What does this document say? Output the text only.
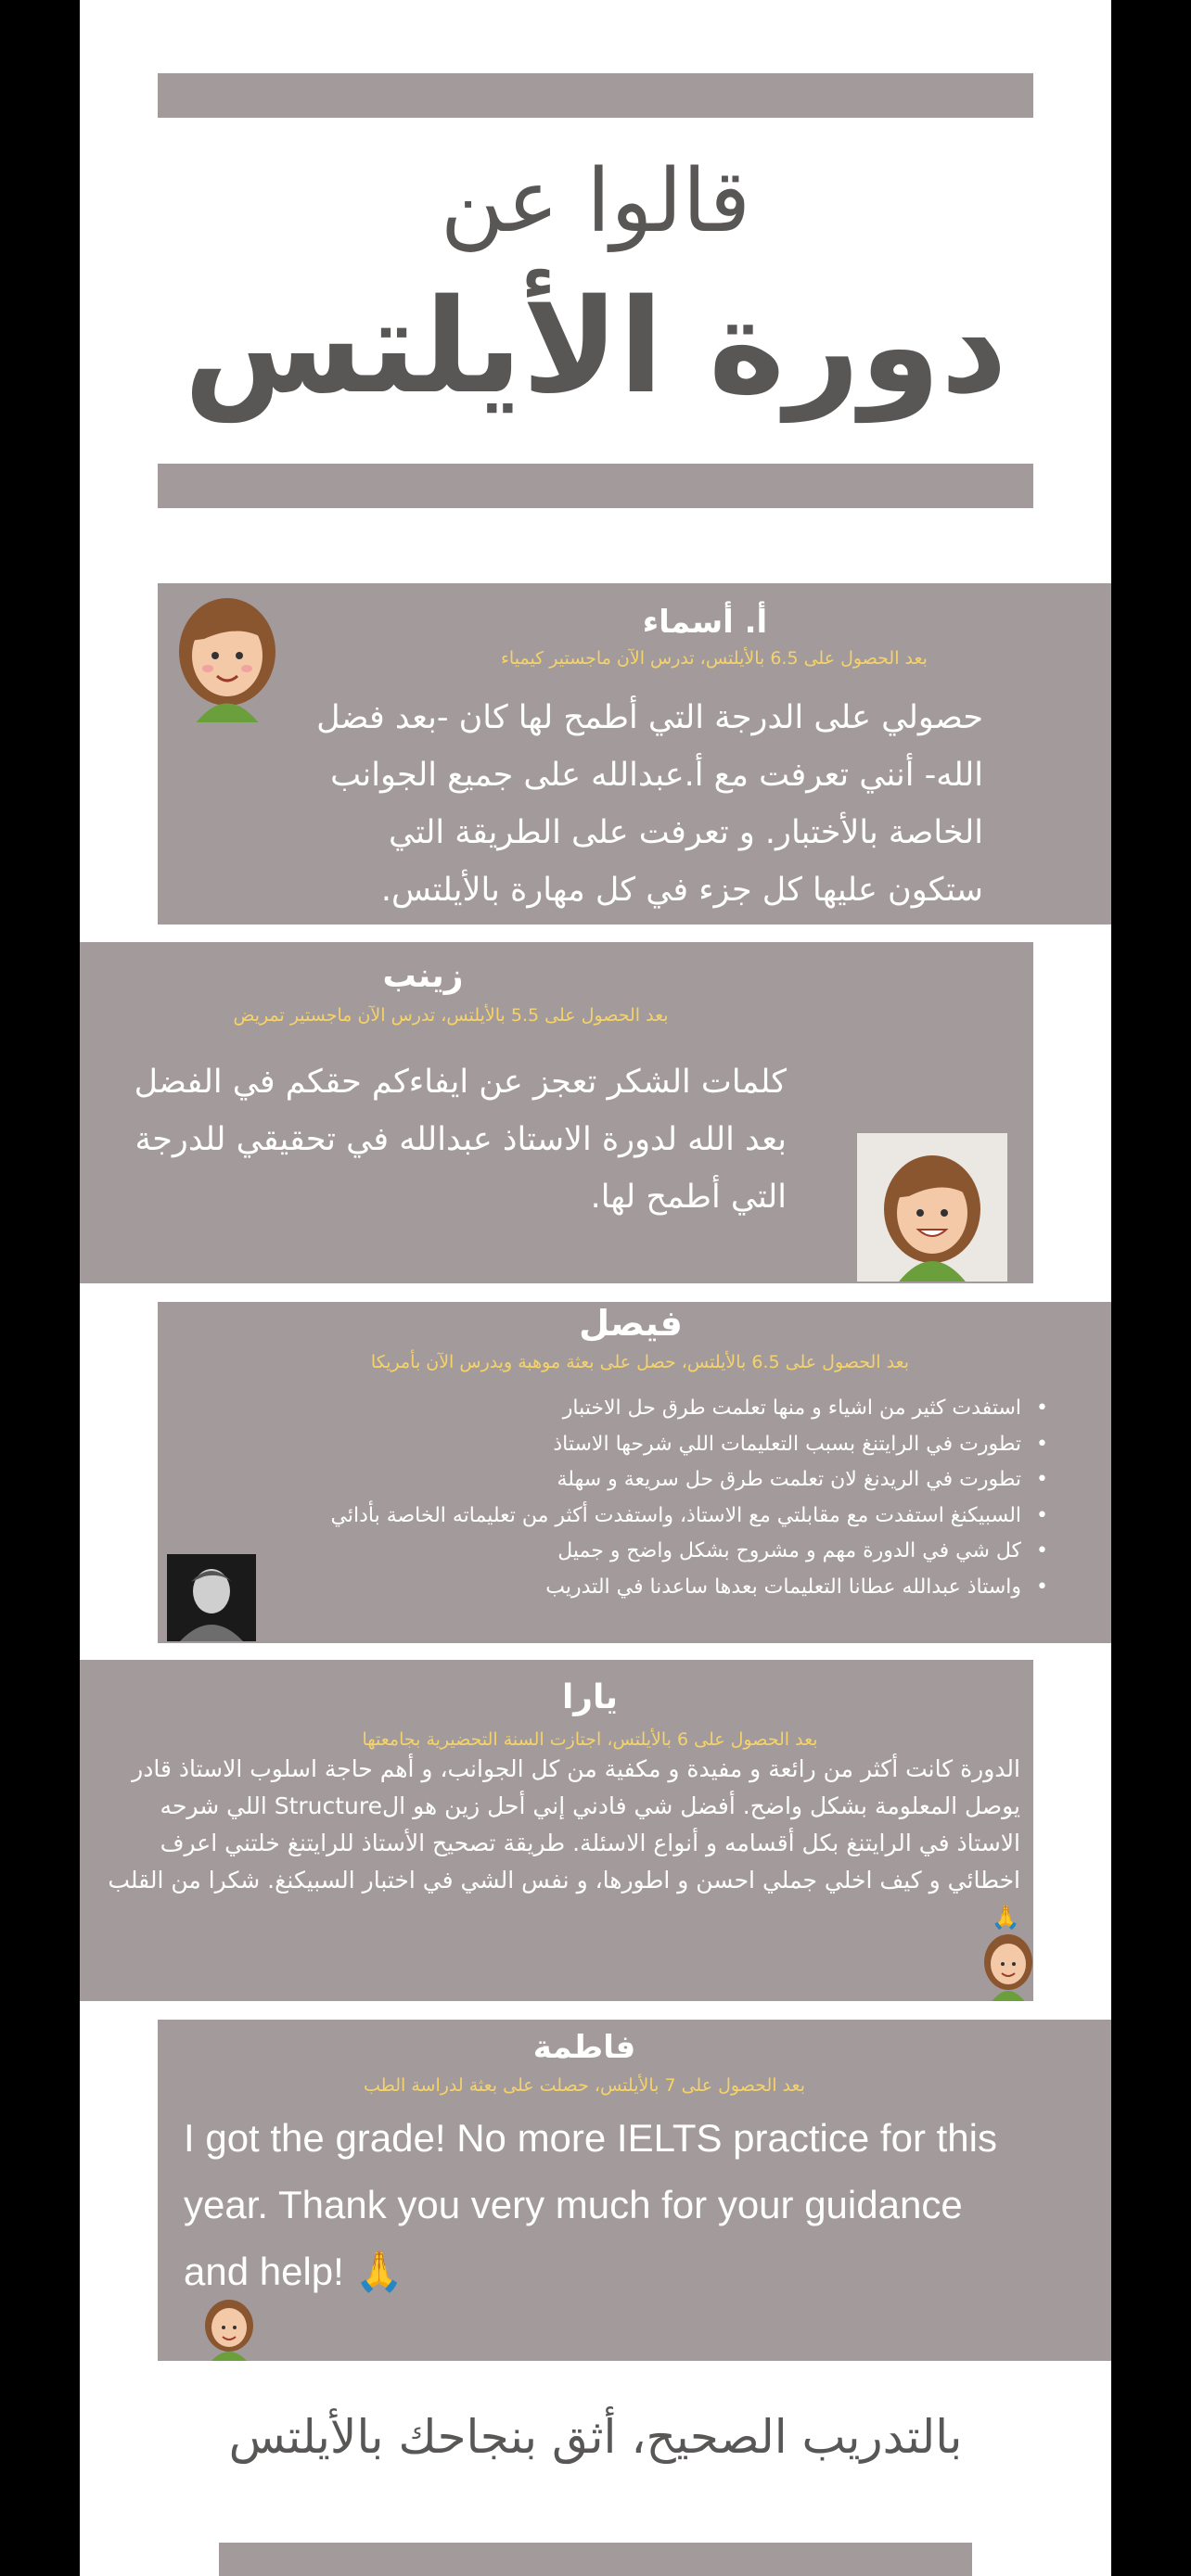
قالوا عن
دورة الأيلتس
أ. أسماء
بعد الحصول على 6.5 بالأيلتس، تدرس الآن ماجستير كيمياء
حصولي على الدرجة التي أطمح لها كان -بعد فضل الله- أنني تعرفت مع أ.عبدالله على جميع الجوانب الخاصة بالأختبار. و تعرفت على الطريقة التي ستكون عليها كل جزء في كل مهارة بالأيلتس.
زينب
بعد الحصول على 5.5 بالأيلتس، تدرس الآن ماجستير تمريض
كلمات الشكر تعجز عن ايفاءكم حقكم في الفضل بعد الله لدورة الاستاذ عبدالله في تحقيقي للدرجة التي أطمح لها.
فيصل
بعد الحصول على 6.5 بالأيلتس، حصل على بعثة موهبة ويدرس الآن بأمريكا
• استفدت كثير من اشياء و منها تعلمت طرق حل الاختبار
• تطورت في الرايتنغ بسبب التعليمات اللي شرحها الاستاذ
• تطورت في الريدنغ لان تعلمت طرق حل سريعة و سهلة
• السبيكنغ استفدت مع مقابلتي مع الاستاذ، واستفدت أكثر من تعليماته الخاصة بأدائي
• كل شي في الدورة مهم و مشروح بشكل واضح و جميل
• واستاذ عبدالله عطانا التعليمات بعدها ساعدنا في التدريب
يارا
بعد الحصول على 6 بالأيلتس، اجتازت السنة التحضيرية بجامعتها
الدورة كانت أكثر من رائعة و مفيدة و مكفية من كل الجوانب، و أهم حاجة اسلوب الاستاذ قادر يوصل المعلومة بشكل واضح. أفضل شي فادني إني أحل زين هو الStructure اللي شرحه الاستاذ في الرايتنغ بكل أقسامه و أنواع الاسئلة. طريقة تصحيح الأستاذ للرايتنغ خلتني اعرف اخطائي و كيف اخلي جملي احسن و اطورها، و نفس الشي في اختبار السبيكنغ. شكرا من القلب🙏
فاطمة
بعد الحصول على 7 بالأيلتس، حصلت على بعثة لدراسة الطب
I got the grade! No more IELTS practice for this year. Thank you very much for your guidance and help! 🙏
بالتدريب الصحيح، أثق بنجاحك بالأيلتس
